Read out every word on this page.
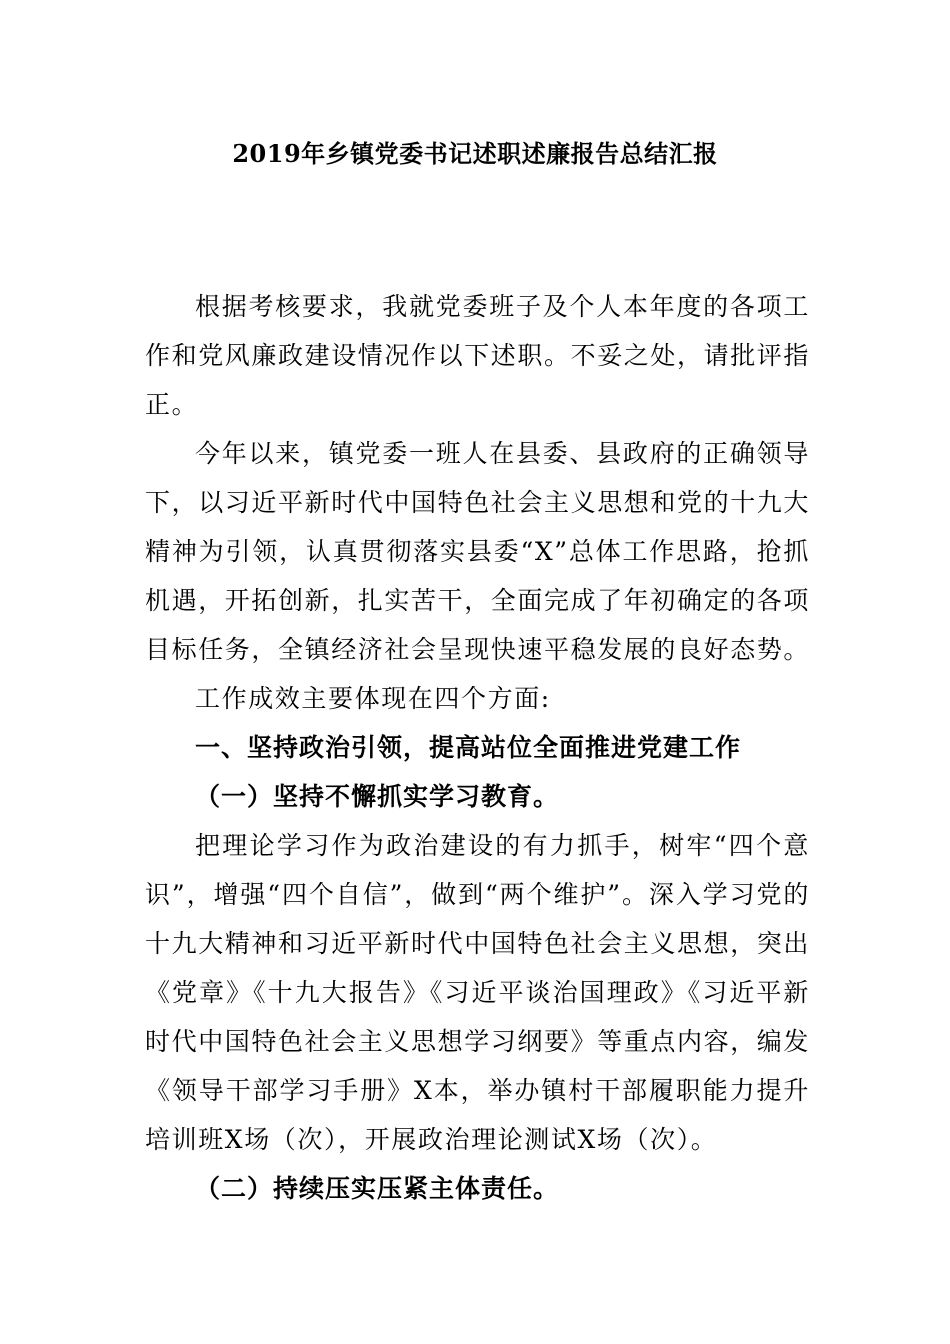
2019年乡镇党委书记述职述廉报告总结汇报

根据考核要求，我就党委班子及个人本年度的各项工作和党风廉政建设情况作以下述职。不妥之处，请批评指正。

今年以来，镇党委一班人在县委、县政府的正确领导下，以习近平新时代中国特色社会主义思想和党的十九大精神为引领，认真贯彻落实县委“X”总体工作思路，抢抓机遇，开拓创新，扎实苦干，全面完成了年初确定的各项目标任务，全镇经济社会呈现快速平稳发展的良好态势。

工作成效主要体现在四个方面:

一、坚持政治引领，提高站位全面推进党建工作

（一）坚持不懈抓实学习教育。

把理论学习作为政治建设的有力抓手，树牢“四个意识”，增强“四个自信”，做到“两个维护”。深入学习党的十九大精神和习近平新时代中国特色社会主义思想，突出《党章》《十九大报告》《习近平谈治国理政》《习近平新时代中国特色社会主义思想学习纲要》等重点内容，编发《领导干部学习手册》X本，举办镇村干部履职能力提升培训班X场（次），开展政治理论测试X场（次）。

（二）持续压实压紧主体责任。
